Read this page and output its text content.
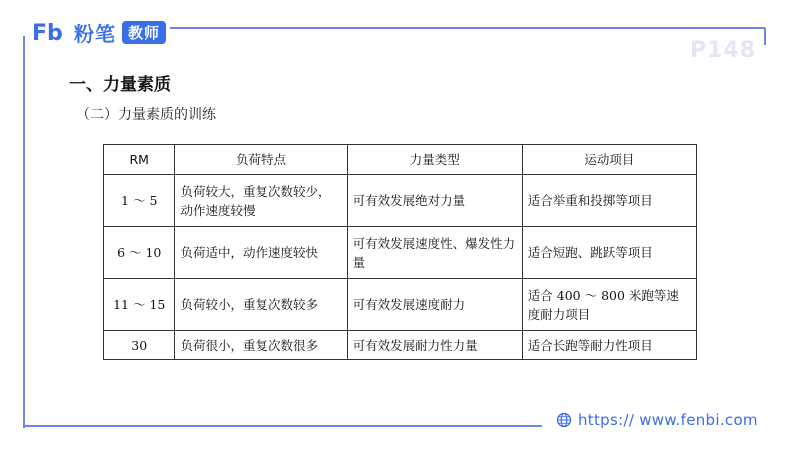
Fb 粉笔 教师
P148
一、力量素质
（二）力量素质的训练
RM	负荷特点	力量类型	运动项目
1 ～ 5	负荷较大，重复次数较少，动作速度较慢	可有效发展绝对力量	适合举重和投掷等项目
6 ～ 10	负荷适中，动作速度较快	可有效发展速度性、爆发性力量	适合短跑、跳跃等项目
11 ～ 15	负荷较小，重复次数较多	可有效发展速度耐力	适合 400 ～ 800 米跑等速度耐力项目
30	负荷很小，重复次数很多	可有效发展耐力性力量	适合长跑等耐力性项目
https:// www.fenbi.com
